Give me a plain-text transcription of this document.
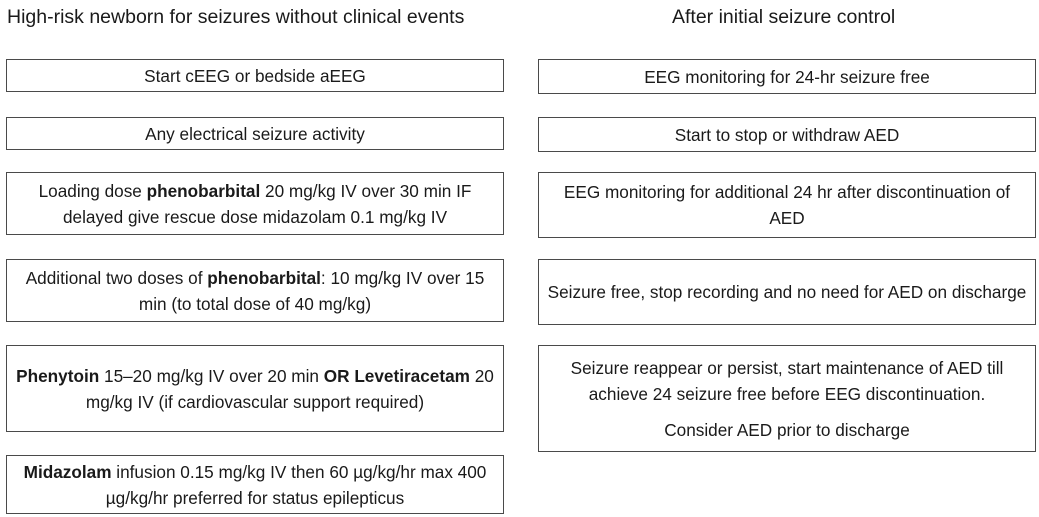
High-risk newborn for seizures without clinical events	After initial seizure control

Start cEEG or bedside aEEG

Any electrical seizure activity

Loading dose phenobarbital 20 mg/kg IV over 30 min IF delayed give rescue dose midazolam 0.1 mg/kg IV

Additional two doses of phenobarbital: 10 mg/kg IV over 15 min (to total dose of 40 mg/kg)

Phenytoin 15–20 mg/kg IV over 20 min OR Levetiracetam 20 mg/kg IV (if cardiovascular support required)

Midazolam infusion 0.15 mg/kg IV then 60 µg/kg/hr max 400 µg/kg/hr preferred for status epilepticus

EEG monitoring for 24-hr seizure free

Start to stop or withdraw AED

EEG monitoring for additional 24 hr after discontinuation of AED

Seizure free, stop recording and no need for AED on discharge

Seizure reappear or persist, start maintenance of AED till achieve 24 seizure free before EEG discontinuation.

Consider AED prior to discharge
